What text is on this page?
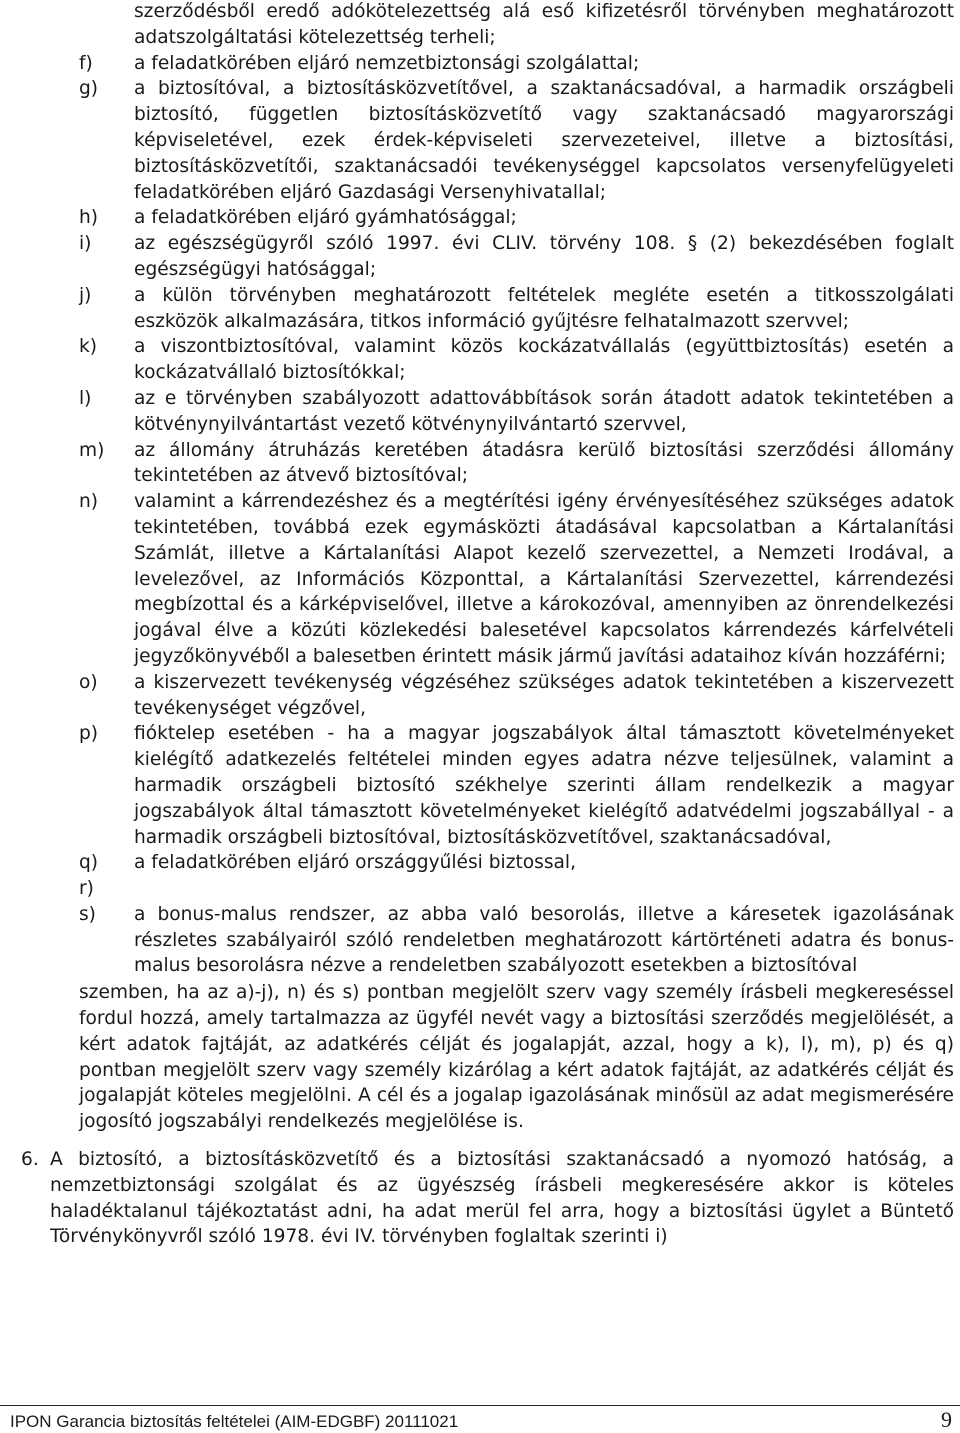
szerződésből eredő adókötelezettség alá eső kifizetésről törvényben meghatározott adatszolgáltatási kötelezettség terheli;
f) a feladatkörében eljáró nemzetbiztonsági szolgálattal;
g) a biztosítóval, a biztosításközvetítővel, a szaktanácsadóval, a harmadik országbeli biztosító, független biztosításközvetítő vagy szaktanácsadó magyarországi képviseletével, ezek érdek-képviseleti szervezeteivel, illetve a biztosítási, biztosításközvetítői, szaktanácsadói tevékenységgel kapcsolatos versenyfelügyeleti feladatkörében eljáró Gazdasági Versenyhivatallal;
h) a feladatkörében eljáró gyámhatósággal;
i) az egészségügyről szóló 1997. évi CLIV. törvény 108. § (2) bekezdésében foglalt egészségügyi hatósággal;
j) a külön törvényben meghatározott feltételek megléte esetén a titkosszolgálati eszközök alkalmazására, titkos információ gyűjtésre felhatalmazott szervvel;
k) a viszontbiztosítóval, valamint közös kockázatvállalás (együttbiztosítás) esetén a kockázatvállaló biztosítókkal;
l) az e törvényben szabályozott adattovábbítások során átadott adatok tekintetében a kötvénynyilvántartást vezető kötvénynyilvántartó szervvel,
m) az állomány átruházás keretében átadásra kerülő biztosítási szerződési állomány tekintetében az átvevő biztosítóval;
n) valamint a kárrendezéshez és a megtérítési igény érvényesítéséhez szükséges adatok tekintetében, továbbá ezek egymásközti átadásával kapcsolatban a Kártalanítási Számlát, illetve a Kártalanítási Alapot kezelő szervezettel, a Nemzeti Irodával, a levelezővel, az Információs Központtal, a Kártalanítási Szervezettel, kárrendezési megbízottal és a kárképviselővel, illetve a károkozóval, amennyiben az önrendelkezési jogával élve a közúti közlekedési balesetével kapcsolatos kárrendezés kárfelvételi jegyzőkönyvéből a balesetben érintett másik jármű javítási adataihoz kíván hozzáférni;
o) a kiszervezett tevékenység végzéséhez szükséges adatok tekintetében a kiszervezett tevékenységet végzővel,
p) fióktelep esetében - ha a magyar jogszabályok által támasztott követelményeket kielégítő adatkezelés feltételei minden egyes adatra nézve teljesülnek, valamint a harmadik országbeli biztosító székhelye szerinti állam rendelkezik a magyar jogszabályok által támasztott követelményeket kielégítő adatvédelmi jogszabállyal - a harmadik országbeli biztosítóval, biztosításközvetítővel, szaktanácsadóval,
q) a feladatkörében eljáró országgyűlési biztossal,
r)
s) a bonus-malus rendszer, az abba való besorolás, illetve a káresetek igazolásának részletes szabályairól szóló rendeletben meghatározott kártörténeti adatra és bonus-malus besorolásra nézve a rendeletben szabályozott esetekben a biztosítóval
szemben, ha az a)-j), n) és s) pontban megjelölt szerv vagy személy írásbeli megkereséssel fordul hozzá, amely tartalmazza az ügyfél nevét vagy a biztosítási szerződés megjelölését, a kért adatok fajtáját, az adatkérés célját és jogalapját, azzal, hogy a k), l), m), p) és q) pontban megjelölt szerv vagy személy kizárólag a kért adatok fajtáját, az adatkérés célját és jogalapját köteles megjelölni. A cél és a jogalap igazolásának minősül az adat megismerésére jogosító jogszabályi rendelkezés megjelölése is.
6. A biztosító, a biztosításközvetítő és a biztosítási szaktanácsadó a nyomozó hatóság, a nemzetbiztonsági szolgálat és az ügyészség írásbeli megkeresésére akkor is köteles haladéktalanul tájékoztatást adni, ha adat merül fel arra, hogy a biztosítási ügylet a Büntető Törvénykönyvről szóló 1978. évi IV. törvényben foglaltak szerinti i)
IPON Garancia biztosítás feltételei (AIM-EDGBF) 20111021	9
